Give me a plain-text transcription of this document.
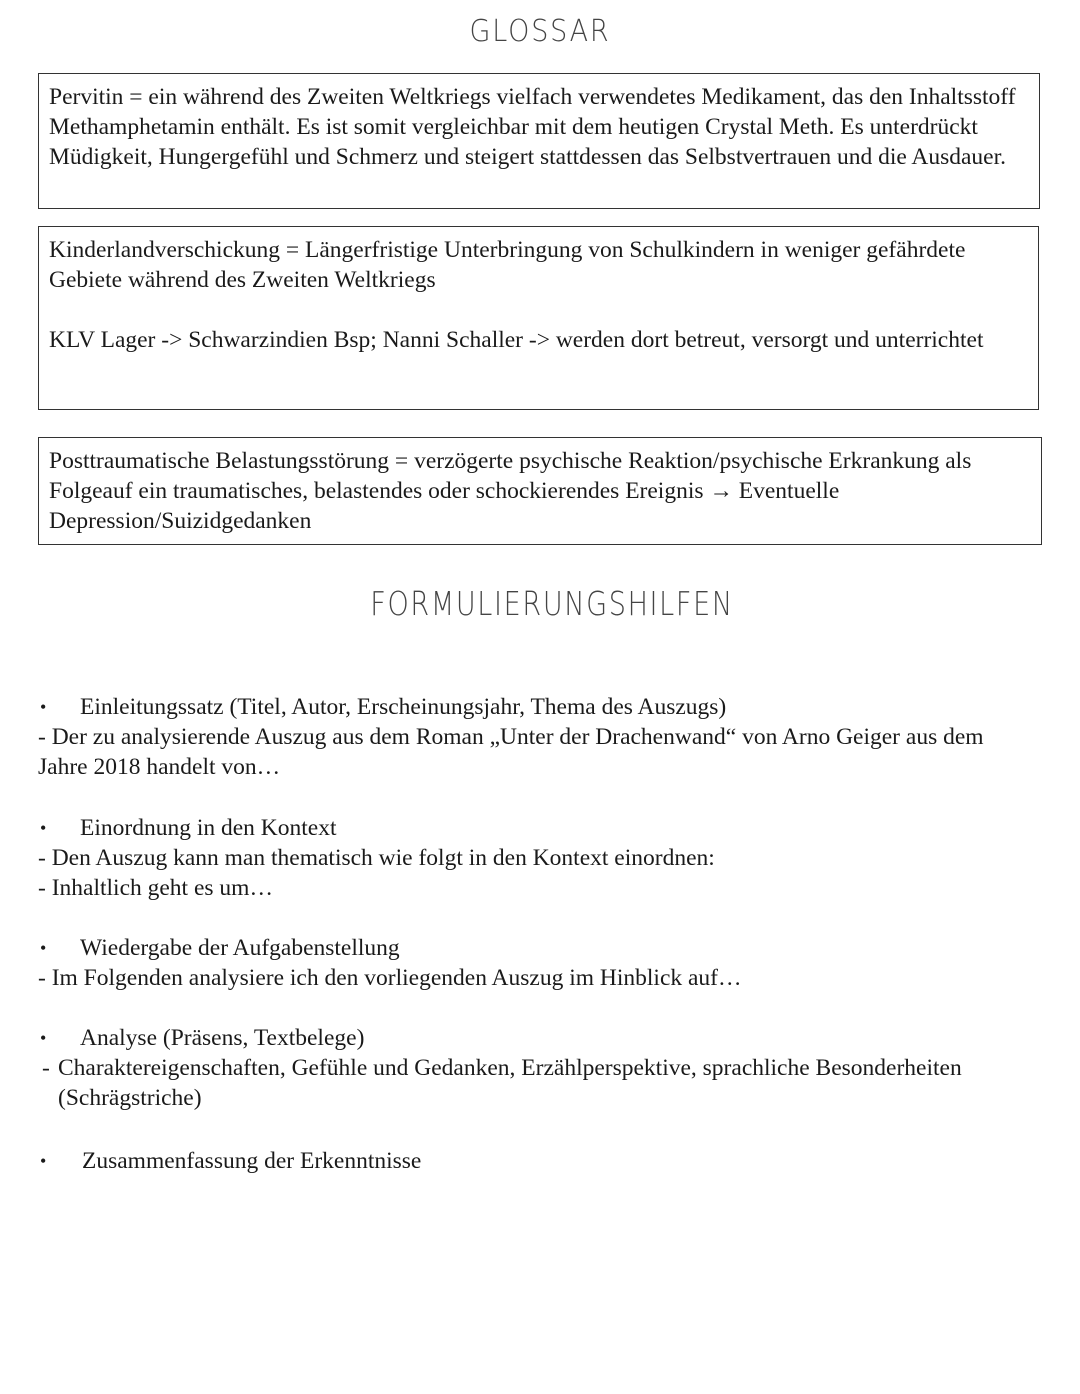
GLOSSAR

Pervitin = ein während des Zweiten Weltkriegs vielfach verwendetes Medikament, das den Inhaltsstoff Methamphetamin enthält. Es ist somit vergleichbar mit dem heutigen Crystal Meth. Es unterdrückt Müdigkeit, Hungergefühl und Schmerz und steigert stattdessen das Selbstvertrauen und die Ausdauer.

Kinderlandverschickung = Längerfristige Unterbringung von Schulkindern in weniger gefährdete Gebiete während des Zweiten Weltkriegs

KLV Lager -> Schwarzindien Bsp; Nanni Schaller -> werden dort betreut, versorgt und unterrichtet

Posttraumatische Belastungsstörung = verzögerte psychische Reaktion/psychische Erkrankung als Folgeauf ein traumatisches, belastendes oder schockierendes Ereignis → Eventuelle Depression/Suizidgedanken

FORMULIERUNGSHILFEN
• Einleitungssatz (Titel, Autor, Erscheinungsjahr, Thema des Auszugs)

- Der zu analysierende Auszug aus dem Roman „Unter der Drachenwand“ von Arno Geiger aus dem Jahre 2018 handelt von…

• Einordnung in den Kontext

- Den Auszug kann man thematisch wie folgt in den Kontext einordnen:

- Inhaltlich geht es um…

• Wiedergabe der Aufgabenstellung

- Im Folgenden analysiere ich den vorliegenden Auszug im Hinblick auf…

• Analyse (Präsens, Textbelege)

- Charaktereigenschaften, Gefühle und Gedanken, Erzählperspektive, sprachliche Besonderheiten (Schrägstriche)

• Zusammenfassung der Erkenntnisse
